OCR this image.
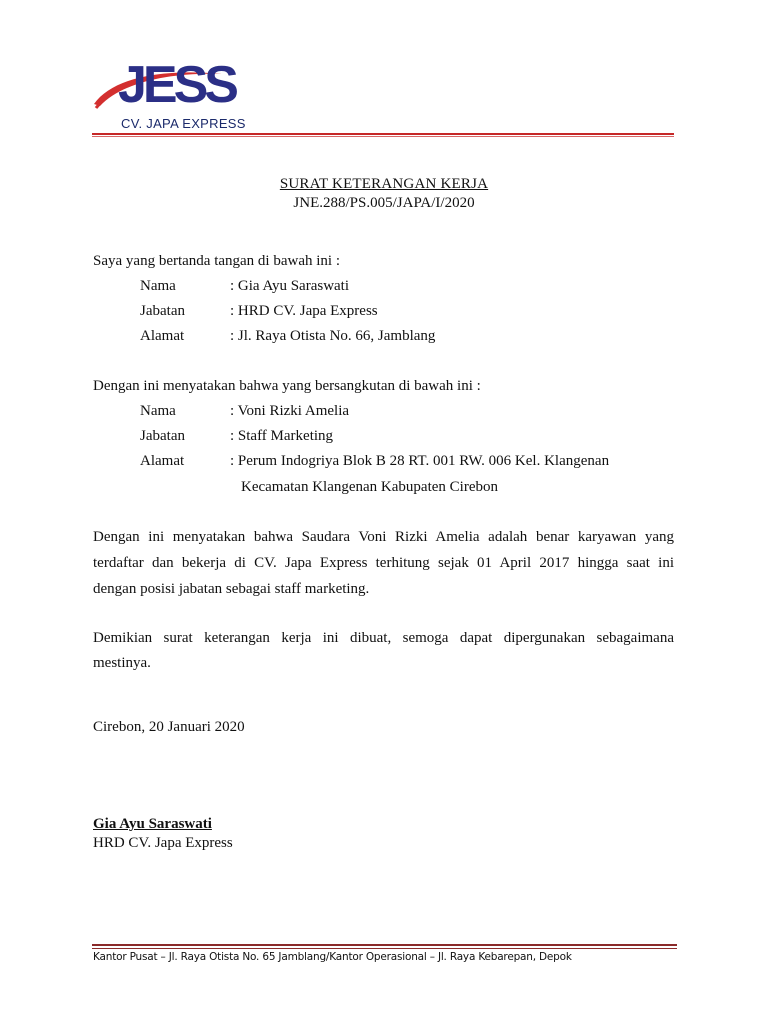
JESS
CV. JAPA EXPRESS
SURAT KETERANGAN KERJA
JNE.288/PS.005/JAPA/I/2020
Saya yang bertanda tangan di bawah ini :
Nama	: Gia Ayu Saraswati
Jabatan	: HRD CV. Japa Express
Alamat	: Jl. Raya Otista No. 66, Jamblang
Dengan ini menyatakan bahwa yang bersangkutan di bawah ini :
Nama	: Voni Rizki Amelia
Jabatan	: Staff Marketing
Alamat	: Perum Indogriya Blok B 28 RT. 001 RW. 006 Kel. Klangenan
Kecamatan Klangenan Kabupaten Cirebon
Dengan ini menyatakan bahwa Saudara Voni Rizki Amelia adalah benar karyawan yang
terdaftar dan bekerja di CV. Japa Express terhitung sejak 01 April 2017 hingga saat ini
dengan posisi jabatan sebagai staff marketing.
Demikian surat keterangan kerja ini dibuat, semoga dapat dipergunakan sebagaimana
mestinya.
Cirebon, 20 Januari 2020
Gia Ayu Saraswati
HRD CV. Japa Express
Kantor Pusat – Jl. Raya Otista No. 65 Jamblang/Kantor Operasional – Jl. Raya Kebarepan, Depok
